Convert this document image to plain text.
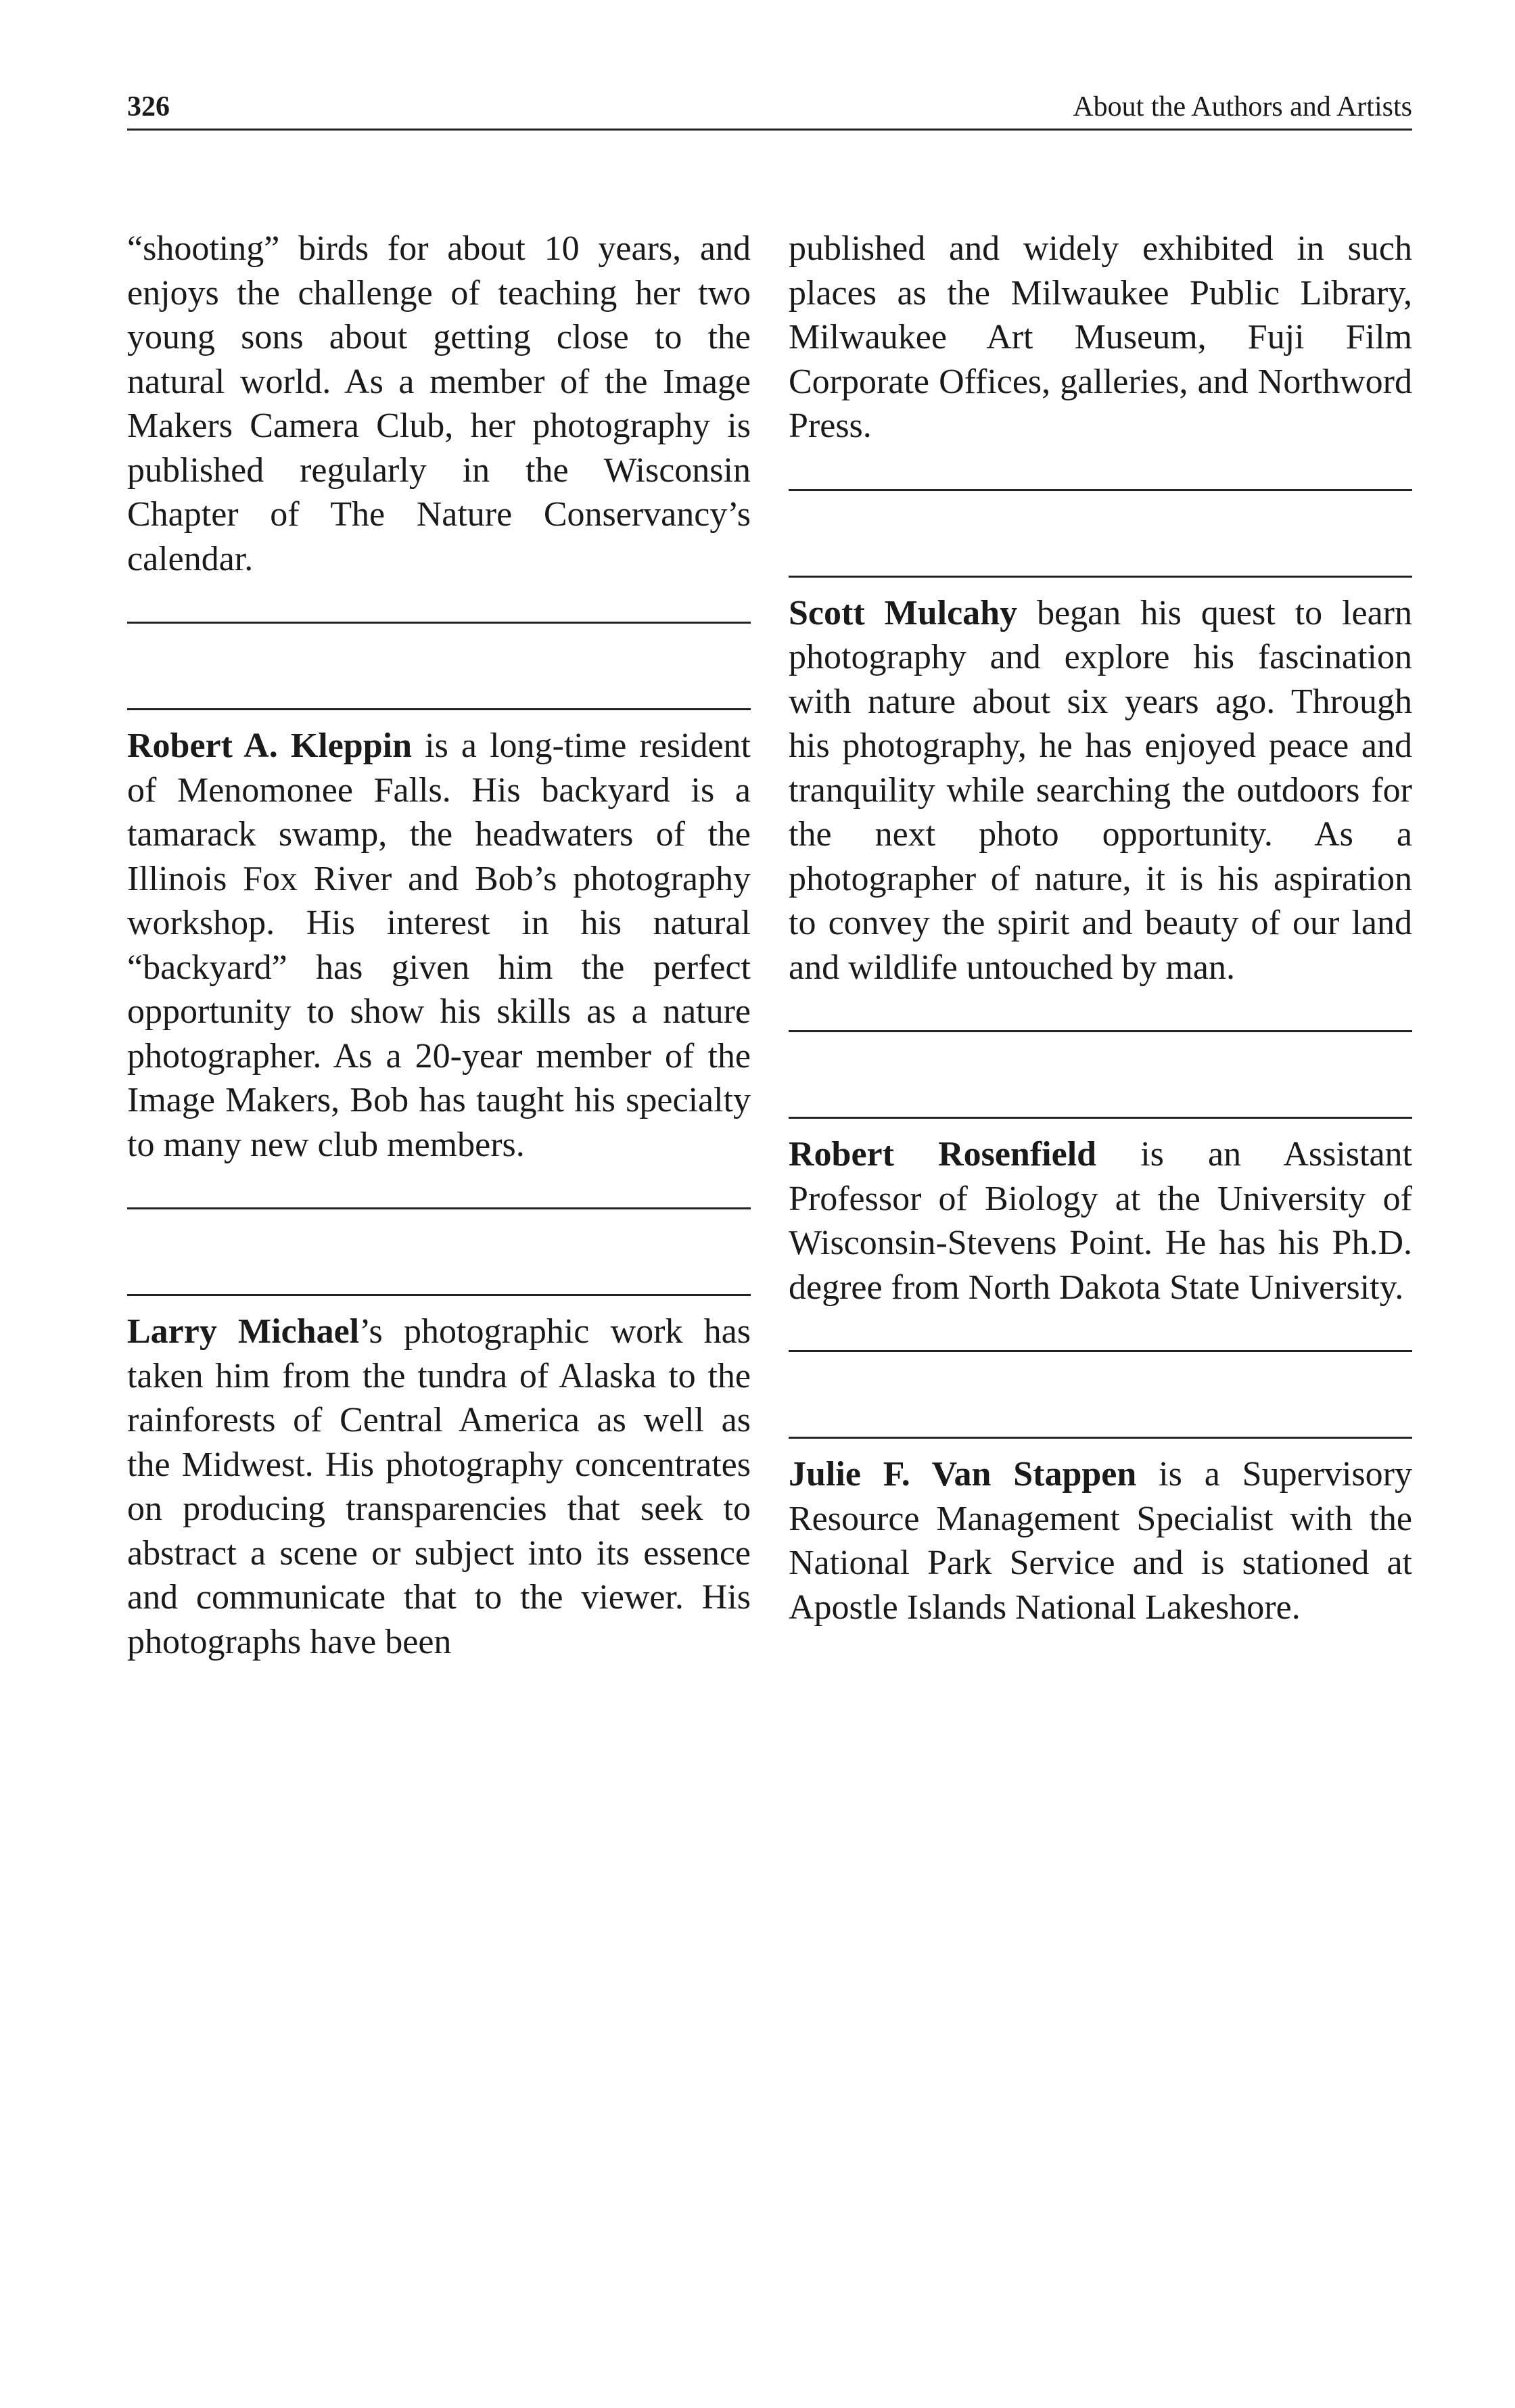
326	About the Authors and Artists

“shooting” birds for about 10 years, and enjoys the challenge of teaching her two young sons about getting close to the natural world. As a member of the Image Makers Camera Club, her photography is published regularly in the Wisconsin Chapter of The Nature Conservancy’s calendar.

Robert A. Kleppin is a long-time resident of Menomonee Falls. His backyard is a tamarack swamp, the headwaters of the Illinois Fox River and Bob’s photography workshop. His interest in his natural “backyard” has given him the perfect opportunity to show his skills as a nature photographer. As a 20-year member of the Image Makers, Bob has taught his specialty to many new club members.

Larry Michael’s photographic work has taken him from the tundra of Alaska to the rainforests of Central America as well as the Midwest. His photography concentrates on producing transparencies that seek to abstract a scene or subject into its essence and communicate that to the viewer. His photographs have been

published and widely exhibited in such places as the Milwaukee Public Library, Milwaukee Art Museum, Fuji Film Corporate Offices, galleries, and Northword Press.

Scott Mulcahy began his quest to learn photography and explore his fascination with nature about six years ago. Through his photography, he has enjoyed peace and tranquility while searching the outdoors for the next photo opportunity. As a photographer of nature, it is his aspiration to convey the spirit and beauty of our land and wildlife untouched by man.

Robert Rosenfield is an Assistant Professor of Biology at the University of Wisconsin-Stevens Point. He has his Ph.D. degree from North Dakota State University.

Julie F. Van Stappen is a Supervisory Resource Management Specialist with the National Park Service and is stationed at Apostle Islands National Lakeshore.
